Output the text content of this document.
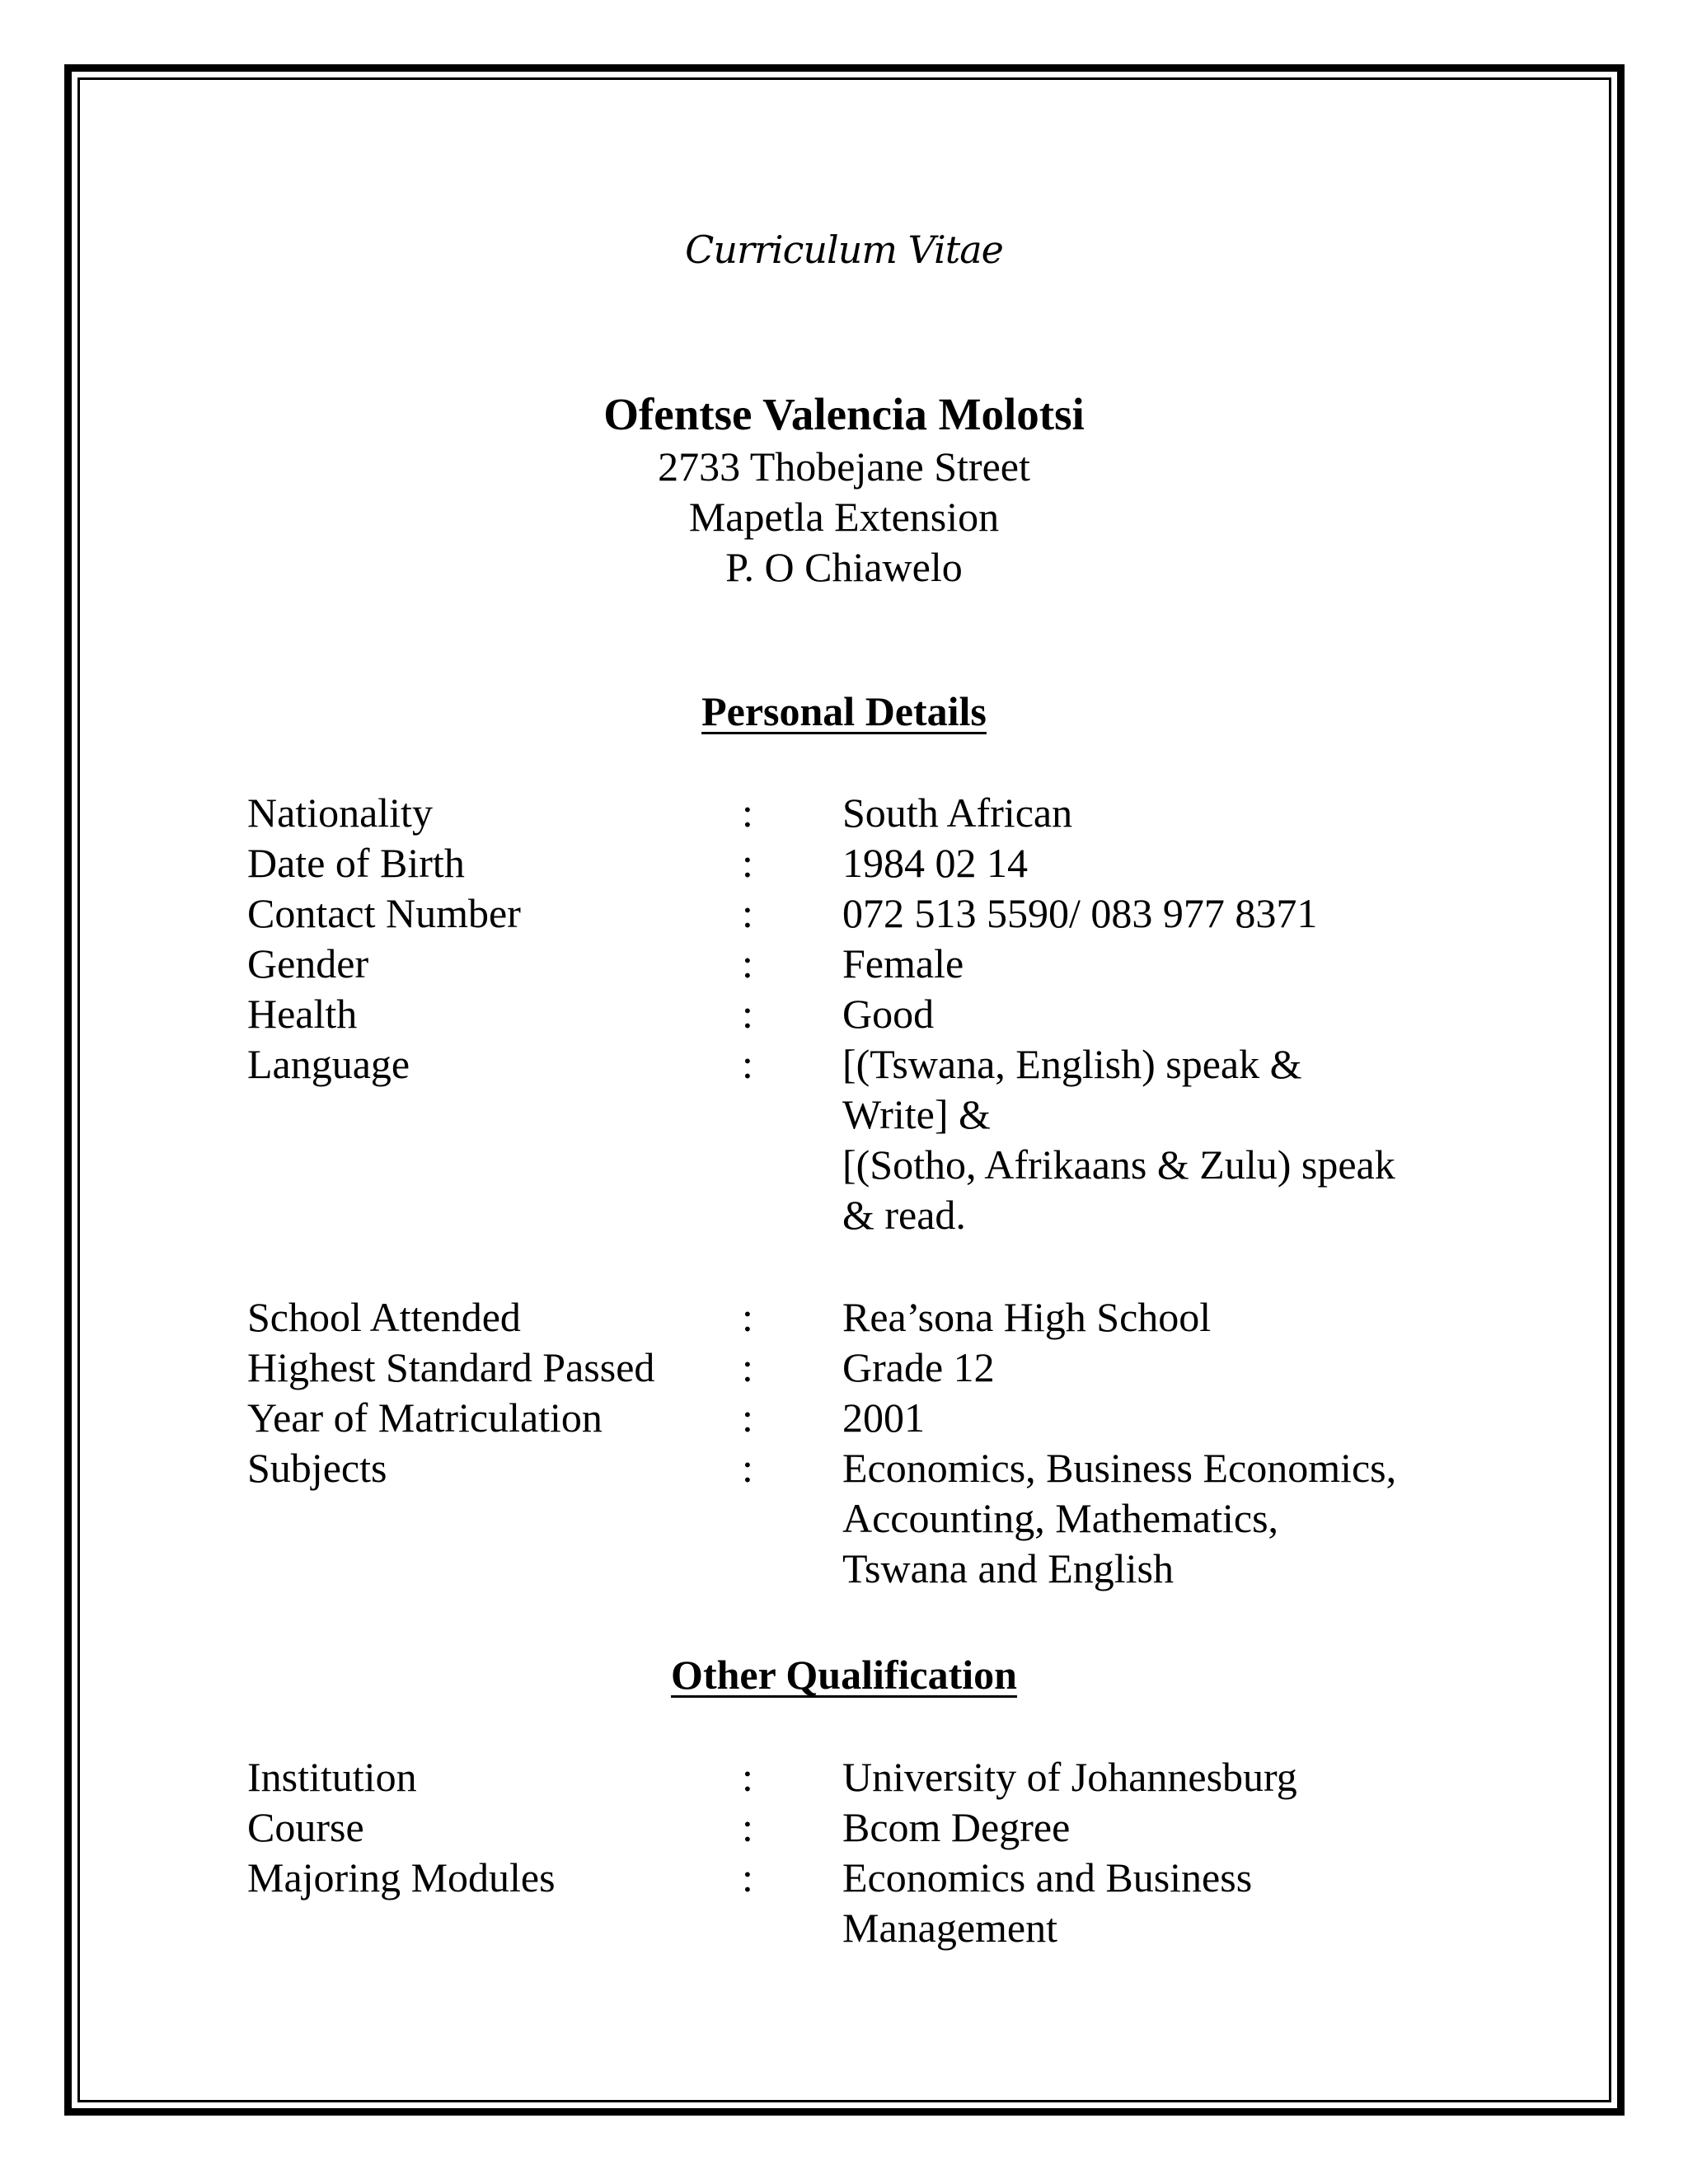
Curriculum Vitae
Ofentse Valencia Molotsi
2733 Thobejane Street
Mapetla Extension
P. O Chiawelo
Personal Details
Nationality	: South African
Date of Birth	: 1984 02 14
Contact Number	: 072 513 5590/ 083 977 8371
Gender	: Female
Health	: Good
Language	: [(Tswana, English) speak &
Write] &
[(Sotho, Afrikaans & Zulu) speak
& read.
School Attended	: Rea’sona High School
Highest Standard Passed : Grade 12
Year of Matriculation	: 2001
Subjects	: Economics, Business Economics,
Accounting, Mathematics,
Tswana and English
Other Qualification
Institution	: University of Johannesburg
Course	: Bcom Degree
Majoring Modules	: Economics and Business
Management
